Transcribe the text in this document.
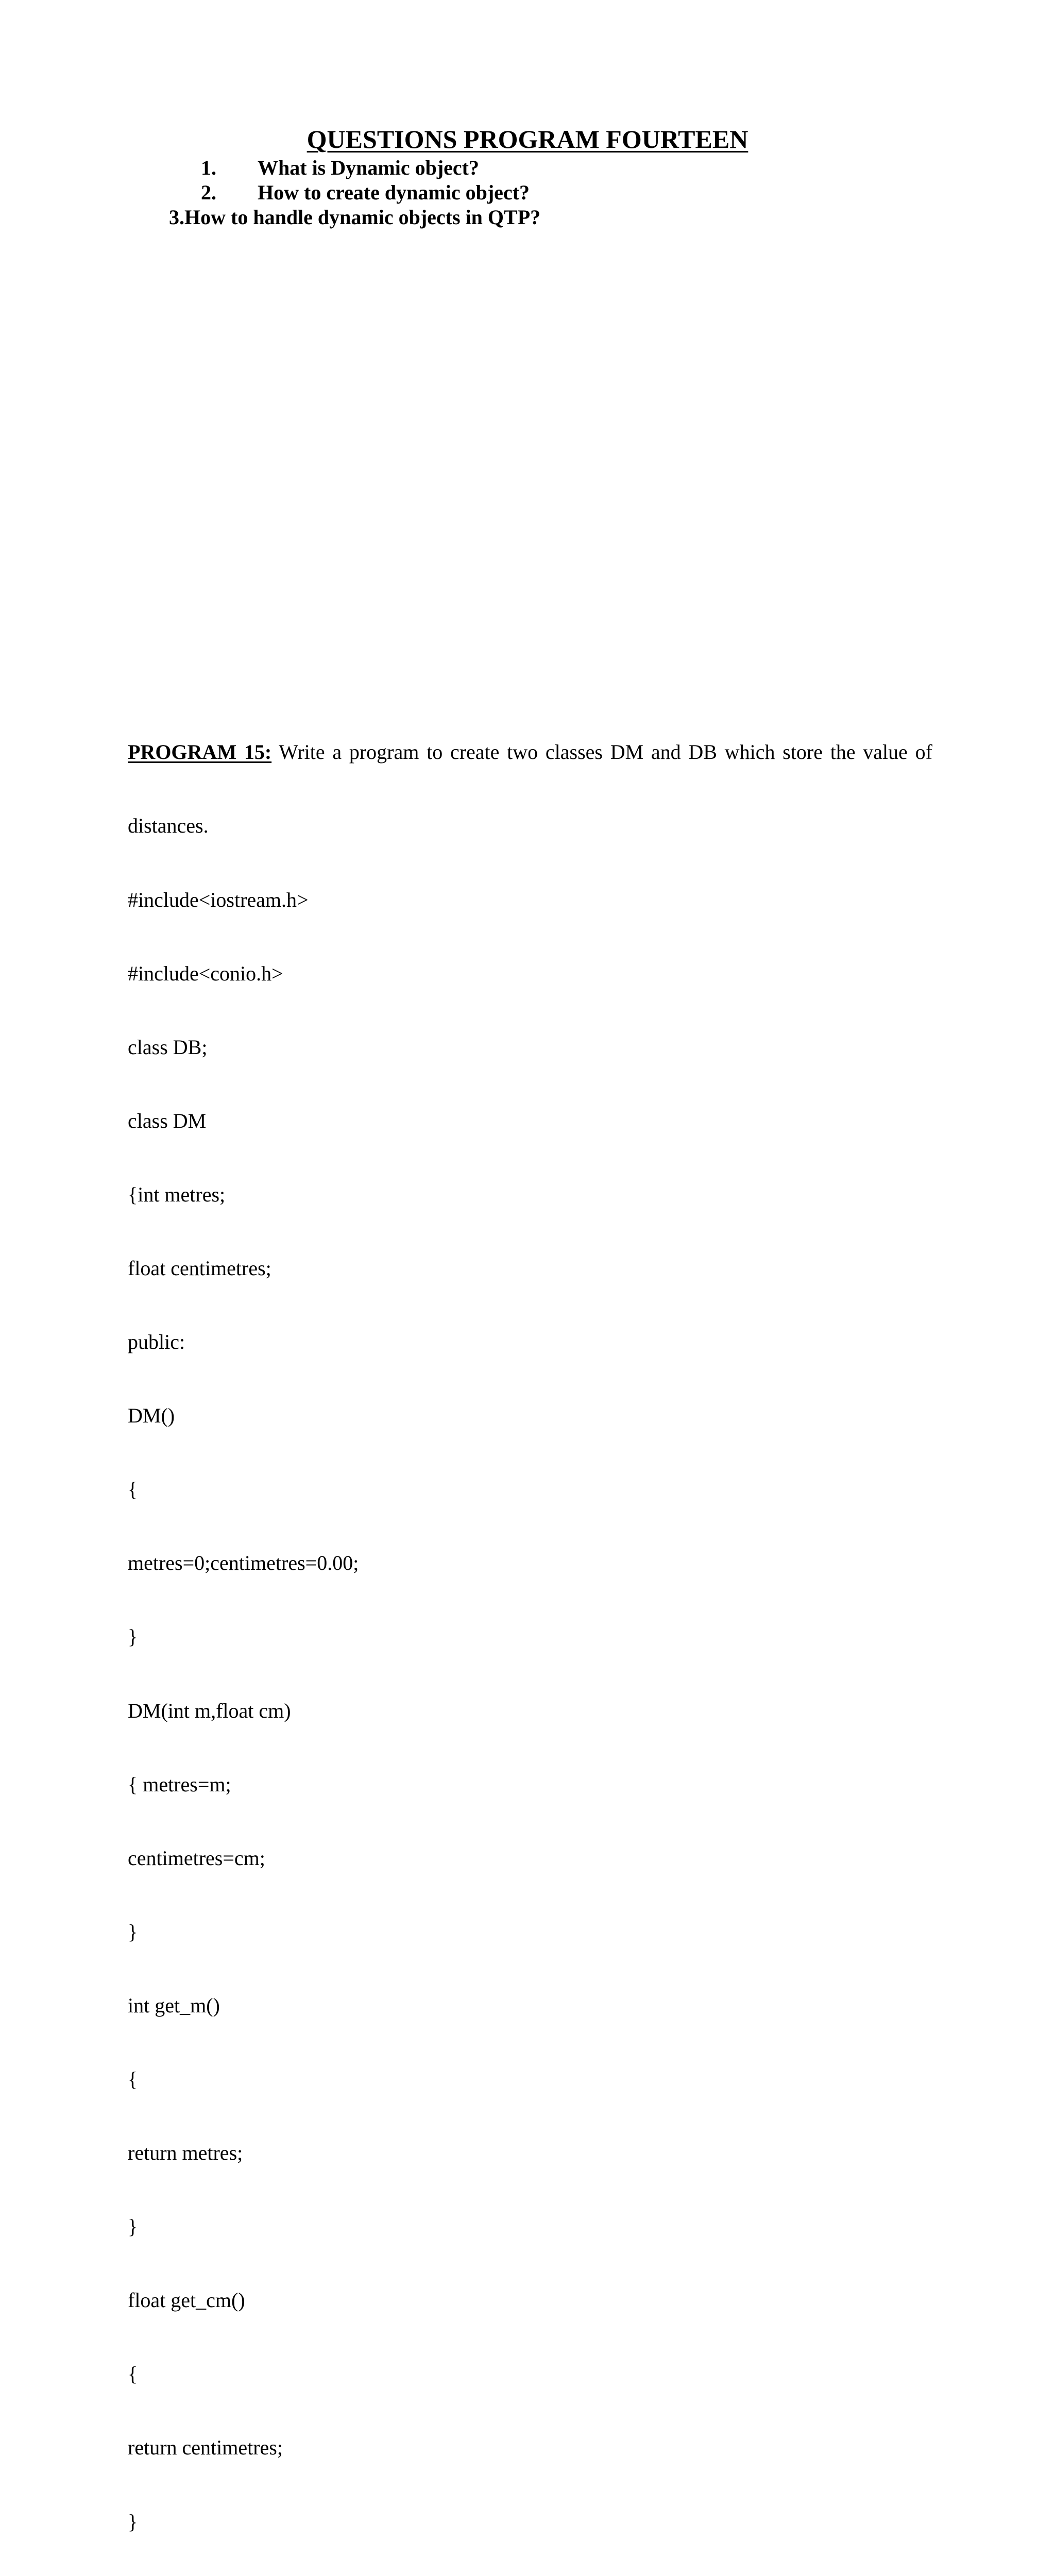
QUESTIONS PROGRAM FOURTEEN
1. What is Dynamic object?
2. How to create dynamic object?
3.How to handle dynamic objects in QTP?
PROGRAM 15: Write a program to create two classes DM and DB which store the value of

distances.

#include<iostream.h>

#include<conio.h>

class DB;

class DM

{int metres;

float centimetres;

public:

DM()

{

metres=0;centimetres=0.00;

}

DM(int m,float cm)

{ metres=m;

centimetres=cm;

}

int get_m()

{

return metres;

}

float get_cm()

{

return centimetres;

}
